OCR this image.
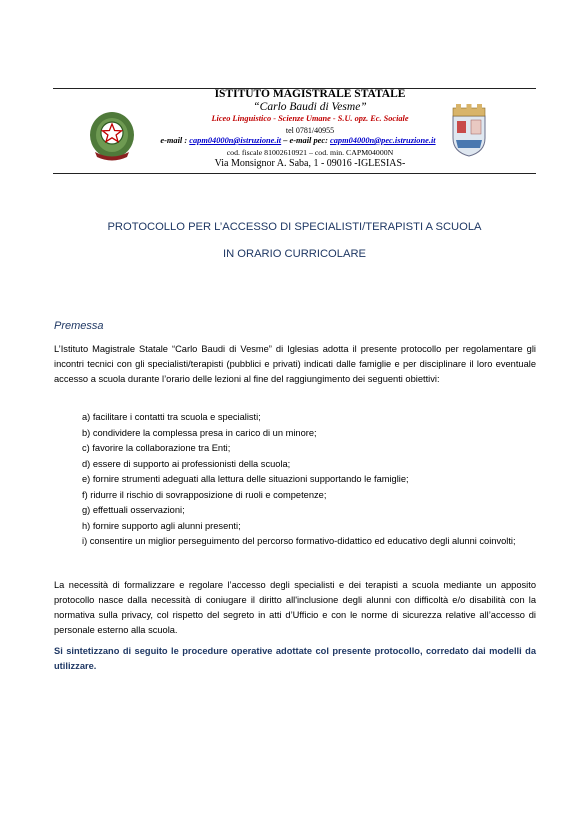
ISTITUTO MAGISTRALE STATALE
“Carlo Baudi di Vesme”
Liceo Linguistico - Scienze Umane - S.U. opz. Ec. Sociale
tel 0781/40955
e-mail : capm04000n@istruzione.it – e-mail pec: capm04000n@pec.istruzione.it
cod. fiscale 81002610921 – cod. min. CAPM04000N
Via Monsignor A. Saba, 1 - 09016 -IGLESIAS-
PROTOCOLLO PER L’ACCESSO DI SPECIALISTI/TERAPISTI A SCUOLA
IN ORARIO CURRICOLARE
Premessa
L’Istituto Magistrale Statale “Carlo Baudi di Vesme” di Iglesias adotta il presente protocollo per regolamentare gli incontri tecnici con gli specialisti/terapisti (pubblici e privati) indicati dalle famiglie e per disciplinare il loro eventuale accesso a scuola durante l’orario delle lezioni al fine del raggiungimento dei seguenti obiettivi:
a) facilitare i contatti tra scuola e specialisti;
b) condividere la complessa presa in carico di un minore;
c) favorire la collaborazione tra Enti;
d) essere di supporto ai professionisti della scuola;
e) fornire strumenti adeguati alla lettura delle situazioni supportando le famiglie;
f) ridurre il rischio di sovrapposizione di ruoli e competenze;
g) effettuali osservazioni;
h) fornire supporto agli alunni presenti;
i) consentire un miglior perseguimento del percorso formativo-didattico ed educativo degli alunni coinvolti;
La necessità di formalizzare e regolare l’accesso degli specialisti e dei terapisti a scuola mediante un apposito protocollo nasce dalla necessità di coniugare il diritto all'inclusione degli alunni con difficoltà e/o disabilità con la normativa sulla privacy, col rispetto del segreto in atti d’Ufficio e con le norme di sicurezza relative all’accesso di personale esterno alla scuola.
Si sintetizzano di seguito le procedure operative adottate col presente protocollo, corredato dai modelli da utilizzare.
